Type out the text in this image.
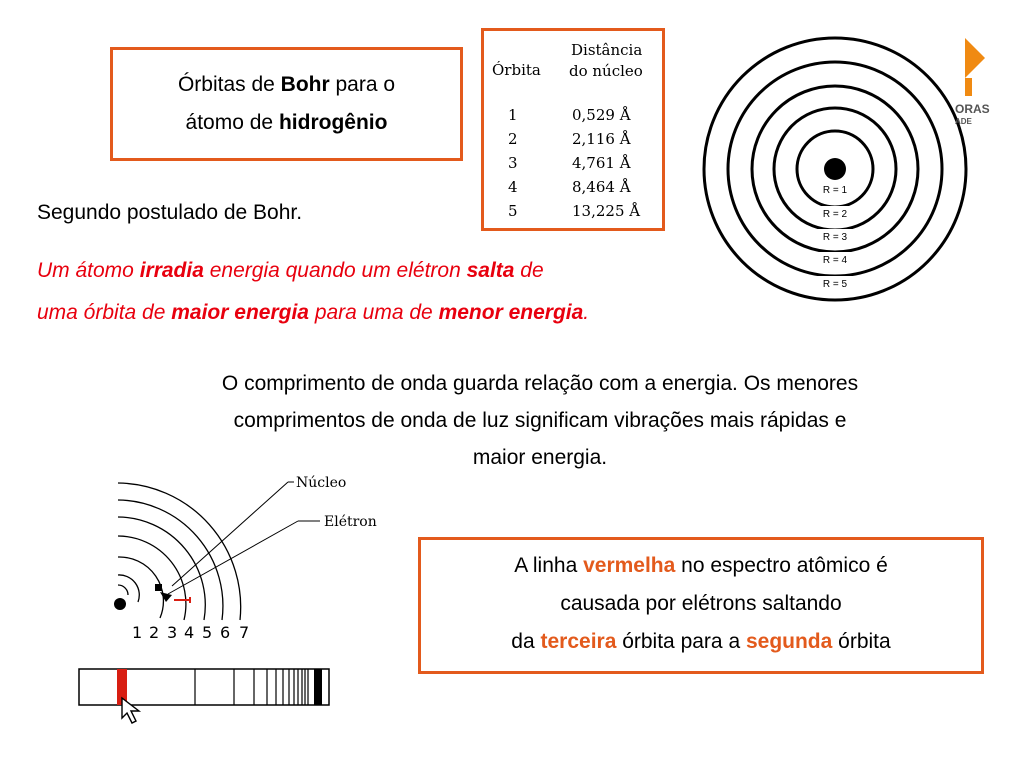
Órbitas de Bohr para o
átomo de hidrogênio
Órbita
Distância
do núcleo
1
2
3
4
5
0,529 Å
2,116 Å
4,761 Å
8,464 Å
13,225 Å
R = 1
R = 2
R = 3
R = 4
R = 5
ORAS
ADE
Segundo postulado de Bohr.
Um átomo irradia energia quando um elétron salta de
uma órbita de maior energia para uma de menor energia.
O comprimento de onda guarda relação com a energia. Os menores
comprimentos de onda de luz significam vibrações mais rápidas e
maior energia.
Núcleo
Elétron
1 2 3 4 5 6 7
A linha vermelha no espectro atômico é
causada por elétrons saltando
da terceira órbita para a segunda órbita
